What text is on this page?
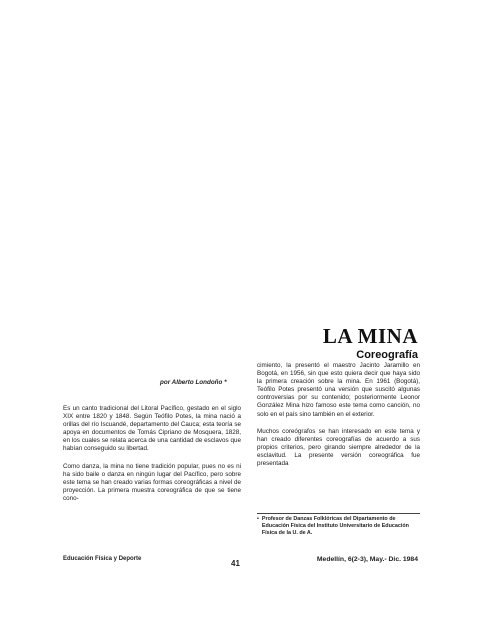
LA MINA
Coreografía
por Alberto Londoño *

Es un canto tradicional del Litoral Pacífico, gestado en el siglo XIX entre 1820 y 1848. Según Teófilo Potes, la mina nació a orillas del río Iscuandé, departamento del Cauca; esta teoría se apoya en documentos de Tomás Cipriano de Mosquera, 1828, en los cuales se relata acerca de una cantidad de esclavos que habían conseguido su libertad.

Como danza, la mina no tiene tradición popular, pues no es ni ha sido baile o danza en ningún lugar del Pacífico, pero sobre este tema se han creado varias formas coreográficas a nivel de proyección. La primera muestra coreográfica de que se tiene cono-

cimiento, la presentó el maestro Jacinto Jaramillo en Bogotá, en 1956, sin que esto quiera decir que haya sido la primera creación sobre la mina. En 1961 (Bogotá), Teófilo Potes presentó una versión que suscitó algunas controversias por su contenido; posteriormente Leonor González Mina hizo famoso este tema como canción, no solo en el país sino también en el exterior.

Muchos coreógrafos se han interesado en este tema y han creado diferentes coreografías de acuerdo a sus propios criterios, pero girando siempre alrededor de la esclavitud. La presente versión coreográfica fue presentada

• Profesor de Danzas Folklóricas del Dipartamento de Educación Física del Instituto Universitario de Educación Física de la U. de A.
Educación Física y Deporte	41	Medellín, 6(2-3), May.- Dic. 1984
